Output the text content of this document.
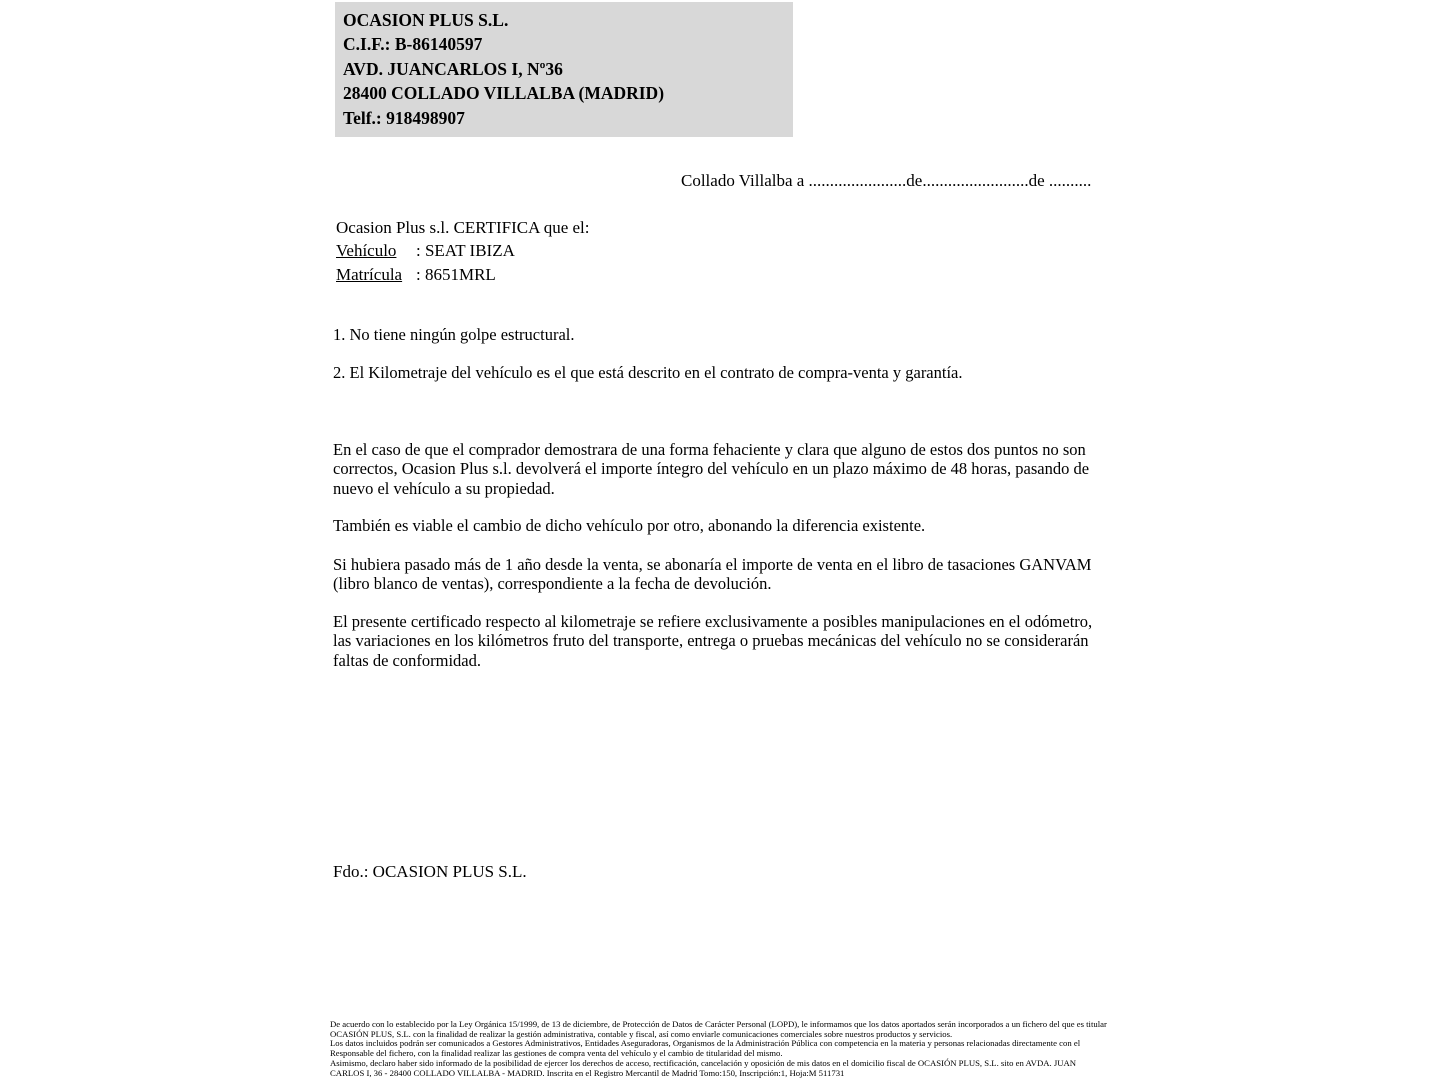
OCASION PLUS S.L.
C.I.F.: B-86140597
AVD. JUANCARLOS I, Nº36
28400 COLLADO VILLALBA (MADRID)
Telf.: 918498907
Collado Villalba a .......................de.........................de ..........
Ocasion Plus s.l. CERTIFICA que el:
Vehículo : SEAT IBIZA
Matrícula : 8651MRL
1. No tiene ningún golpe estructural.
2. El Kilometraje del vehículo es el que está descrito en el contrato de compra-venta y garantía.
En el caso de que el comprador demostrara de una forma fehaciente y clara que alguno de estos dos puntos no son correctos, Ocasion Plus s.l. devolverá el importe íntegro del vehículo en un plazo máximo de 48 horas, pasando de nuevo el vehículo a su propiedad.
También es viable el cambio de dicho vehículo por otro, abonando la diferencia existente.
Si hubiera pasado más de 1 año desde la venta, se abonaría el importe de venta en el libro de tasaciones GANVAM (libro blanco de ventas), correspondiente a la fecha de devolución.
El presente certificado respecto al kilometraje se refiere exclusivamente a posibles manipulaciones en el odómetro, las variaciones en los kilómetros fruto del transporte, entrega o pruebas mecánicas del vehículo no se considerarán faltas de conformidad.
Fdo.: OCASION PLUS S.L.
De acuerdo con lo establecido por la Ley Orgánica 15/1999, de 13 de diciembre, de Protección de Datos de Carácter Personal (LOPD), le informamos que los datos aportados serán incorporados a un fichero del que es titular
OCASIÓN PLUS, S.L. con la finalidad de realizar la gestión administrativa, contable y fiscal, así como enviarle comunicaciones comerciales sobre nuestros productos y servicios.
Los datos incluidos podrán ser comunicados a Gestores Administrativos, Entidades Aseguradoras, Organismos de la Administración Pública con competencia en la materia y personas relacionadas directamente con el
Responsable del fichero, con la finalidad realizar las gestiones de compra venta del vehículo y el cambio de titularidad del mismo.
Asimismo, declaro haber sido informado de la posibilidad de ejercer los derechos de acceso, rectificación, cancelación y oposición de mis datos en el domicilio fiscal de OCASIÓN PLUS, S.L. sito en AVDA. JUAN
CARLOS I, 36 - 28400 COLLADO VILLALBA - MADRID. Inscrita en el Registro Mercantil de Madrid Tomo:150, Inscripción:1, Hoja:M 511731
